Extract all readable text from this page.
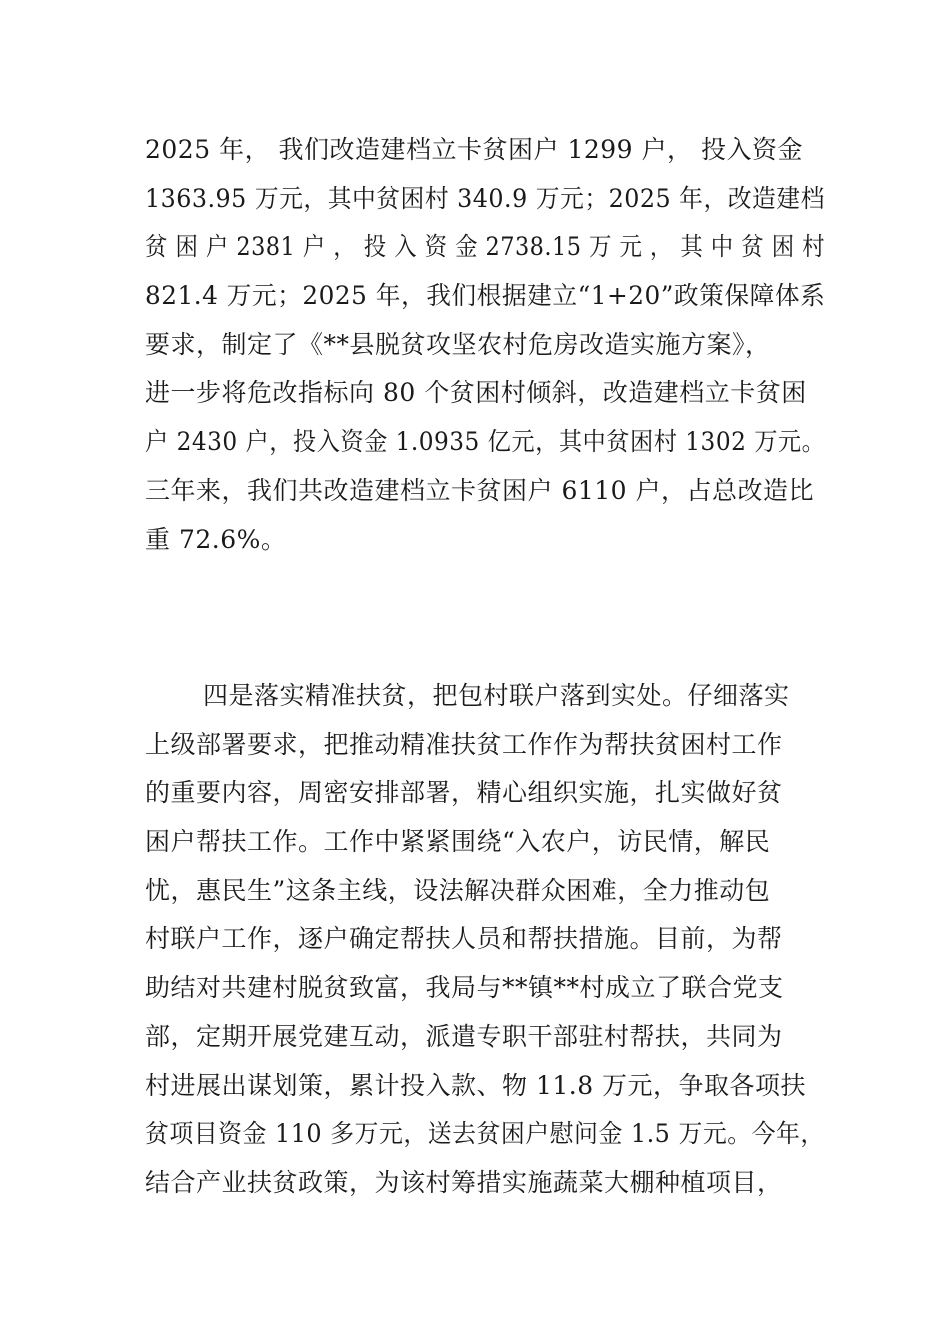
2025 年， 我们改造建档立卡贫困户 1299 户， 投入资金
1363.95 万元，其中贫困村 340.9 万元；2025 年，改造建档
贫 困 户 2381 户 ， 投 入 资 金 2738.15 万 元 ， 其 中 贫 困 村
821.4 万元；2025 年，我们根据建立“1+20”政策保障体系
要求，制定了《**县脱贫攻坚农村危房改造实施方案》，
进一步将危改指标向 80 个贫困村倾斜，改造建档立卡贫困
户 2430 户，投入资金 1.0935 亿元，其中贫困村 1302 万元。
三年来，我们共改造建档立卡贫困户 6110 户，占总改造比
重 72.6%。
四是落实精准扶贫，把包村联户落到实处。仔细落实
上级部署要求，把推动精准扶贫工作作为帮扶贫困村工作
的重要内容，周密安排部署，精心组织实施，扎实做好贫
困户帮扶工作。工作中紧紧围绕“入农户，访民情，解民
忧，惠民生”这条主线，设法解决群众困难，全力推动包
村联户工作，逐户确定帮扶人员和帮扶措施。目前，为帮
助结对共建村脱贫致富，我局与**镇**村成立了联合党支
部，定期开展党建互动，派遣专职干部驻村帮扶，共同为
村进展出谋划策，累计投入款、物 11.8 万元，争取各项扶
贫项目资金 110 多万元，送去贫困户慰问金 1.5 万元。今年，
结合产业扶贫政策，为该村筹措实施蔬菜大棚种植项目，
